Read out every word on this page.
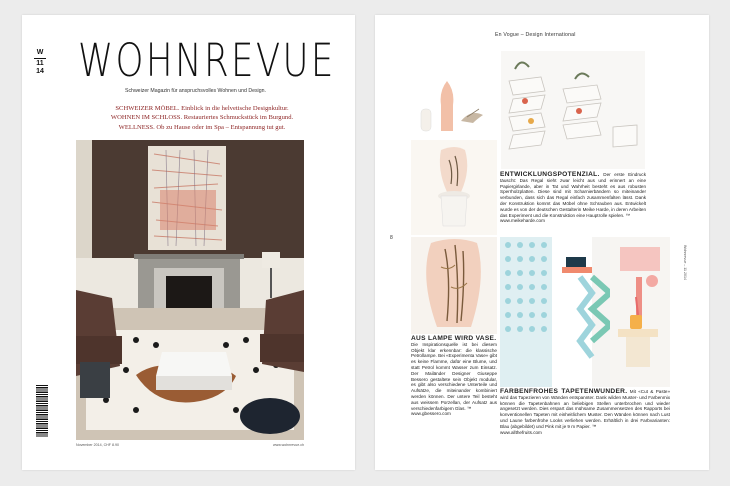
W
11
14 WOHNREVUE
Schweizer Magazin für anspruchsvolles Wohnen und Design.
SCHWEIZER MÖBEL. Einblick in die helvetische Designkultur.
WOHNEN IM SCHLOSS. Restauriertes Schmuckstück im Burgund.
WELLNESS. Ob zu Hause oder im Spa – Entspannung tut gut.
November 2014, CHF 8.90	www.wohnrevue.ch
En Vogue – Design International
8
Wohnrevue – 11 2014
ENTWICKLUNGSPOTENZIAL. Der erste Eindruck täuscht: Das Regal sieht zwar leicht aus und erinnert an eine Papiergirlande, aber in Tat und Wahrheit besteht es aus robusten Sperrholzplatten. Diese sind mit Scharnierbändern so miteinander verbunden, dass sich das Regal einfach zusammenfalten lässt. Dank der Konstruktion kommt das Möbel ohne Schrauben aus. Entwickelt wurde es von der deutschen Gestalterin Meike Harde, in deren Arbeiten das Experiment und die Konstruktion eine Hauptrolle spielen. ™
www.meikeharde.com
AUS LAMPE WIRD VASE.
Die Inspirationsquelle ist bei diesem Objekt klar erkennbar: die klassische Petrollampe. Bei «Experimenta Vase» gibt es keine Flamme, dafür eine Blume, und statt Petrol kommt Wasser zum Einsatz. Der Mailänder Designer Giuseppe Bessero gestaltete sein Objekt modular, es gibt also verschiedene Unterteile und Aufsätze, die miteinander kombiniert werden können. Der untere Teil besteht aus weissem Porzellan, der Aufsatz aus verschiedenfarbigem Glas. ™
www.gbessero.com
FARBENFROHES TAPETENWUNDER. Mit «Cut & Paste» wird das Tapezieren von Wänden entspannter. Dank wilden Muster- und Farbenmix können die Tapetenbahnen an beliebigen Stellen unterbrochen und wieder angesetzt werden. Dies erspart das mühsame Zusammensetzen des Rapports bei konventionellen Tapeten mit einheitlichem Muster. Den Wänden können nach Lust und Laune farbenfrohe Looks verliehen werden. Erhältlich in drei Farbvarianten: Blau (abgebildet) und Pink mit je 9 m Papier. ™
www.allthefruits.com
